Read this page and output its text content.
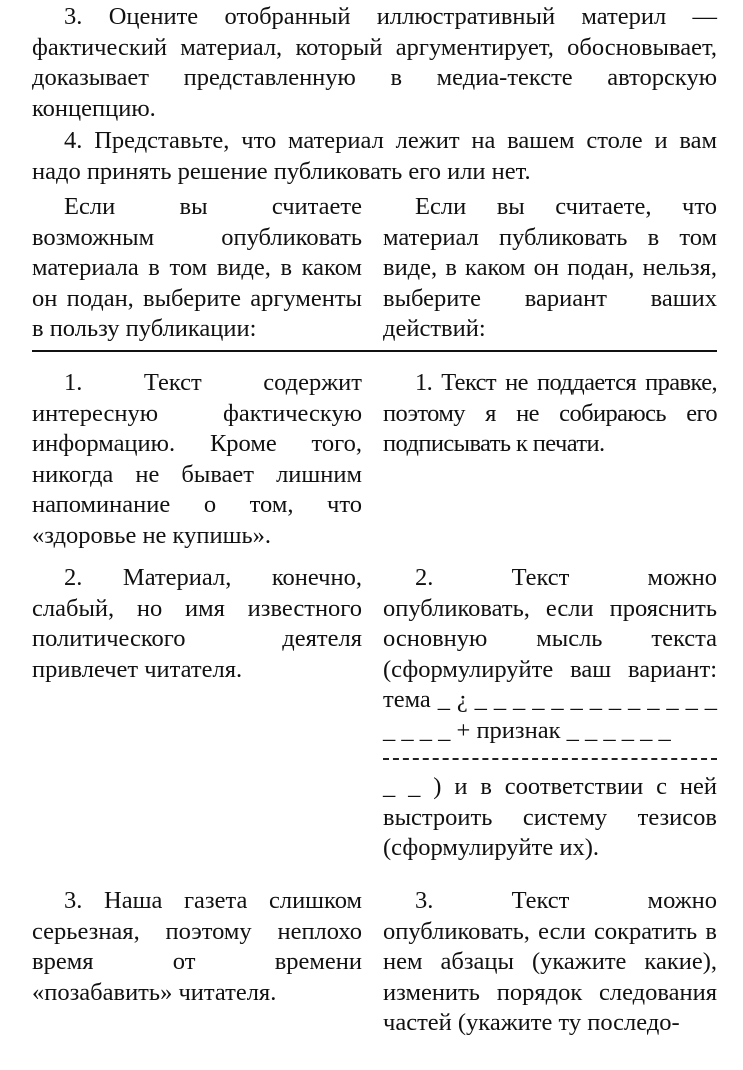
3. Оцените отобранный иллюстративный материл — фактический материал, который аргументирует, обосновывает, доказывает представленную в медиа-тексте авторскую концепцию.

4. Представьте, что материал лежит на вашем столе и вам надо принять решение публиковать его или нет.

Если вы считаете возможным опубликовать материала в том виде, в каком он подан, выберите аргументы в пользу публикации:

Если вы считаете, что материал публиковать в том виде, в каком он подан, нельзя, выберите вариант ваших действий:

1. Текст содержит интересную фактическую информацию. Кроме того, никогда не бывает лишним напоминание о том, что «здоровье не купишь».

2. Материал, конечно, слабый, но имя известного политического деятеля привлечет читателя.

3. Наша газета слишком серьезная, поэтому неплохо время от времени «позабавить» читателя.

1. Текст не поддается правке, поэтому я не собираюсь его подписывать к печати.

2. Текст можно опубликовать, если прояснить основную мысль текста (сформулируйте ваш вариант: тема _ ¿ _ _ _ _ _ _ _ _ _ _ _ _ _ _ _ _ _ + признак _ _ _ _ _ _
_ _ ) и в соответствии с ней выстроить систему тезисов (сформулируйте их).

3. Текст можно опубликовать, если сократить в нем абзацы (укажите какие), изменить порядок следования частей (укажите ту последо-
